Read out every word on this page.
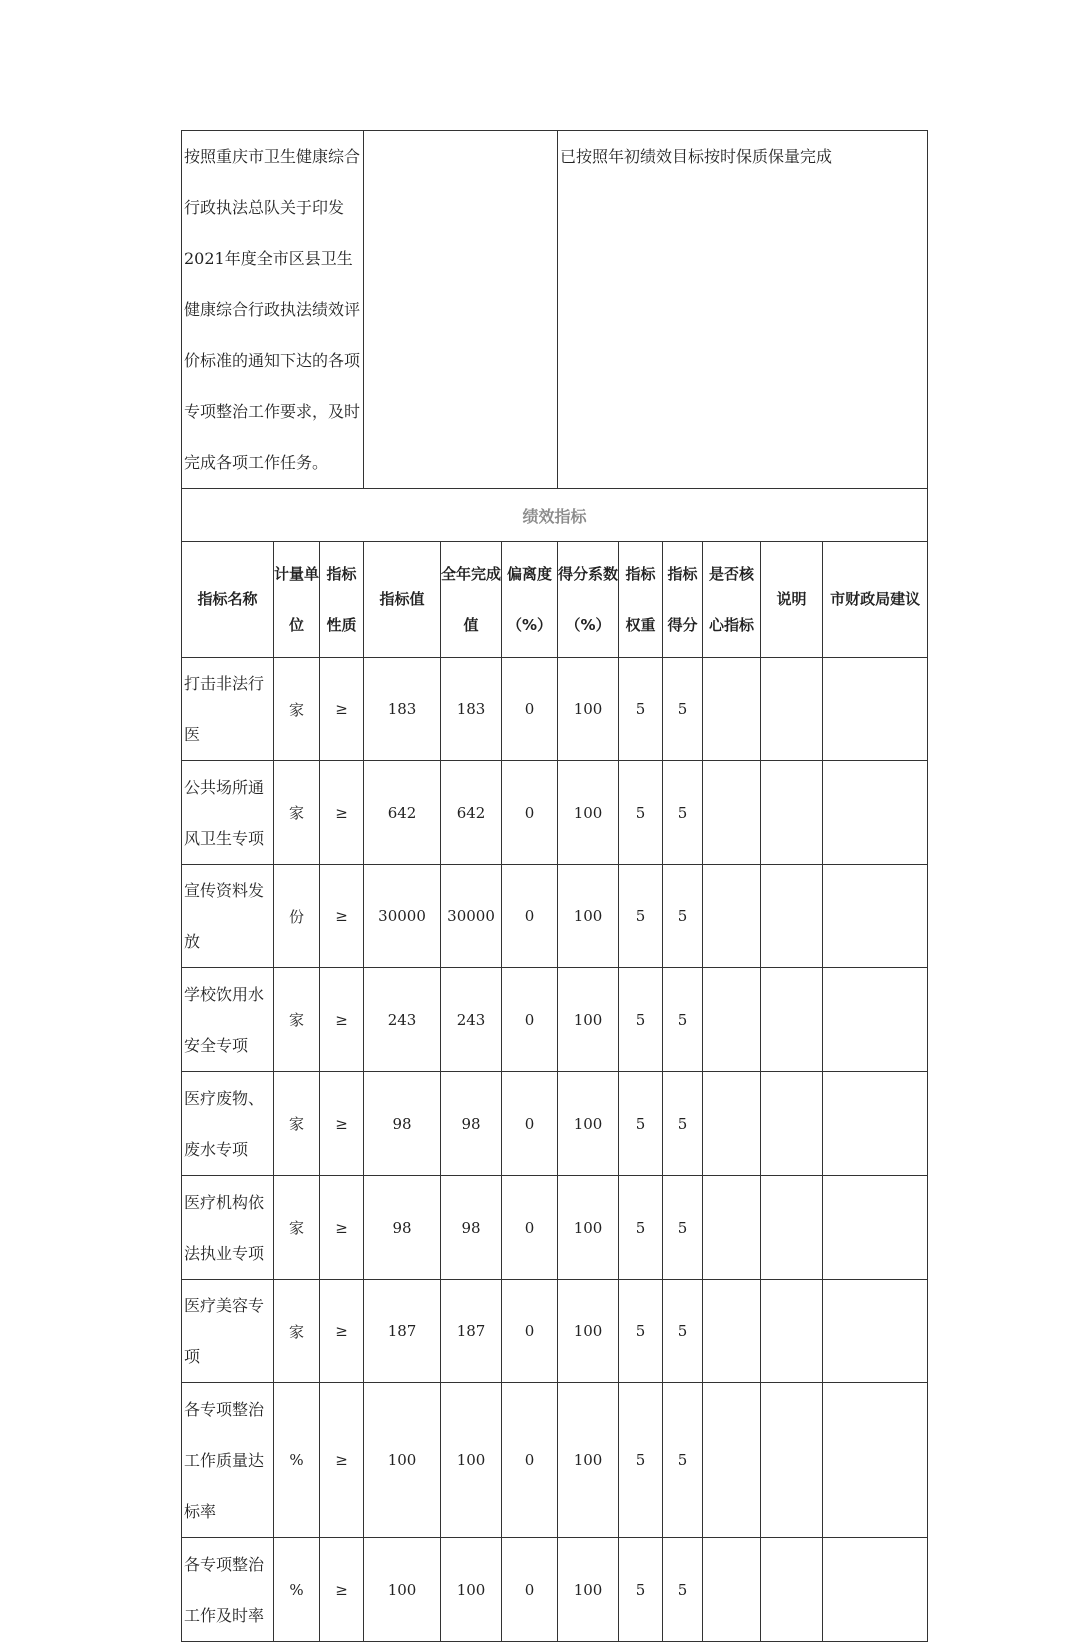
按照重庆市卫生健康综合行政执法总队关于印发2021年度全市区县卫生健康综合行政执法绩效评价标准的通知下达的各项专项整治工作要求，及时完成各项工作任务。						已按照年初绩效目标按时保质保量完成					

绩效指标											
指标名称	计量单位	指标性质	指标值	全年完成值	偏离度（%）	得分系数（%）	指标权重	指标得分	是否核心指标	说明	市财政局建议
打击非法行医	家	≥	183	183	0	100	5	5			
公共场所通风卫生专项	家	≥	642	642	0	100	5	5			
宣传资料发放	份	≥	30000	30000	0	100	5	5			
学校饮用水安全专项	家	≥	243	243	0	100	5	5			
医疗废物、废水专项	家	≥	98	98	0	100	5	5			
医疗机构依法执业专项	家	≥	98	98	0	100	5	5			
医疗美容专项	家	≥	187	187	0	100	5	5			
各专项整治工作质量达标率	%	≥	100	100	0	100	5	5			
各专项整治工作及时率	%	≥	100	100	0	100	5	5			
